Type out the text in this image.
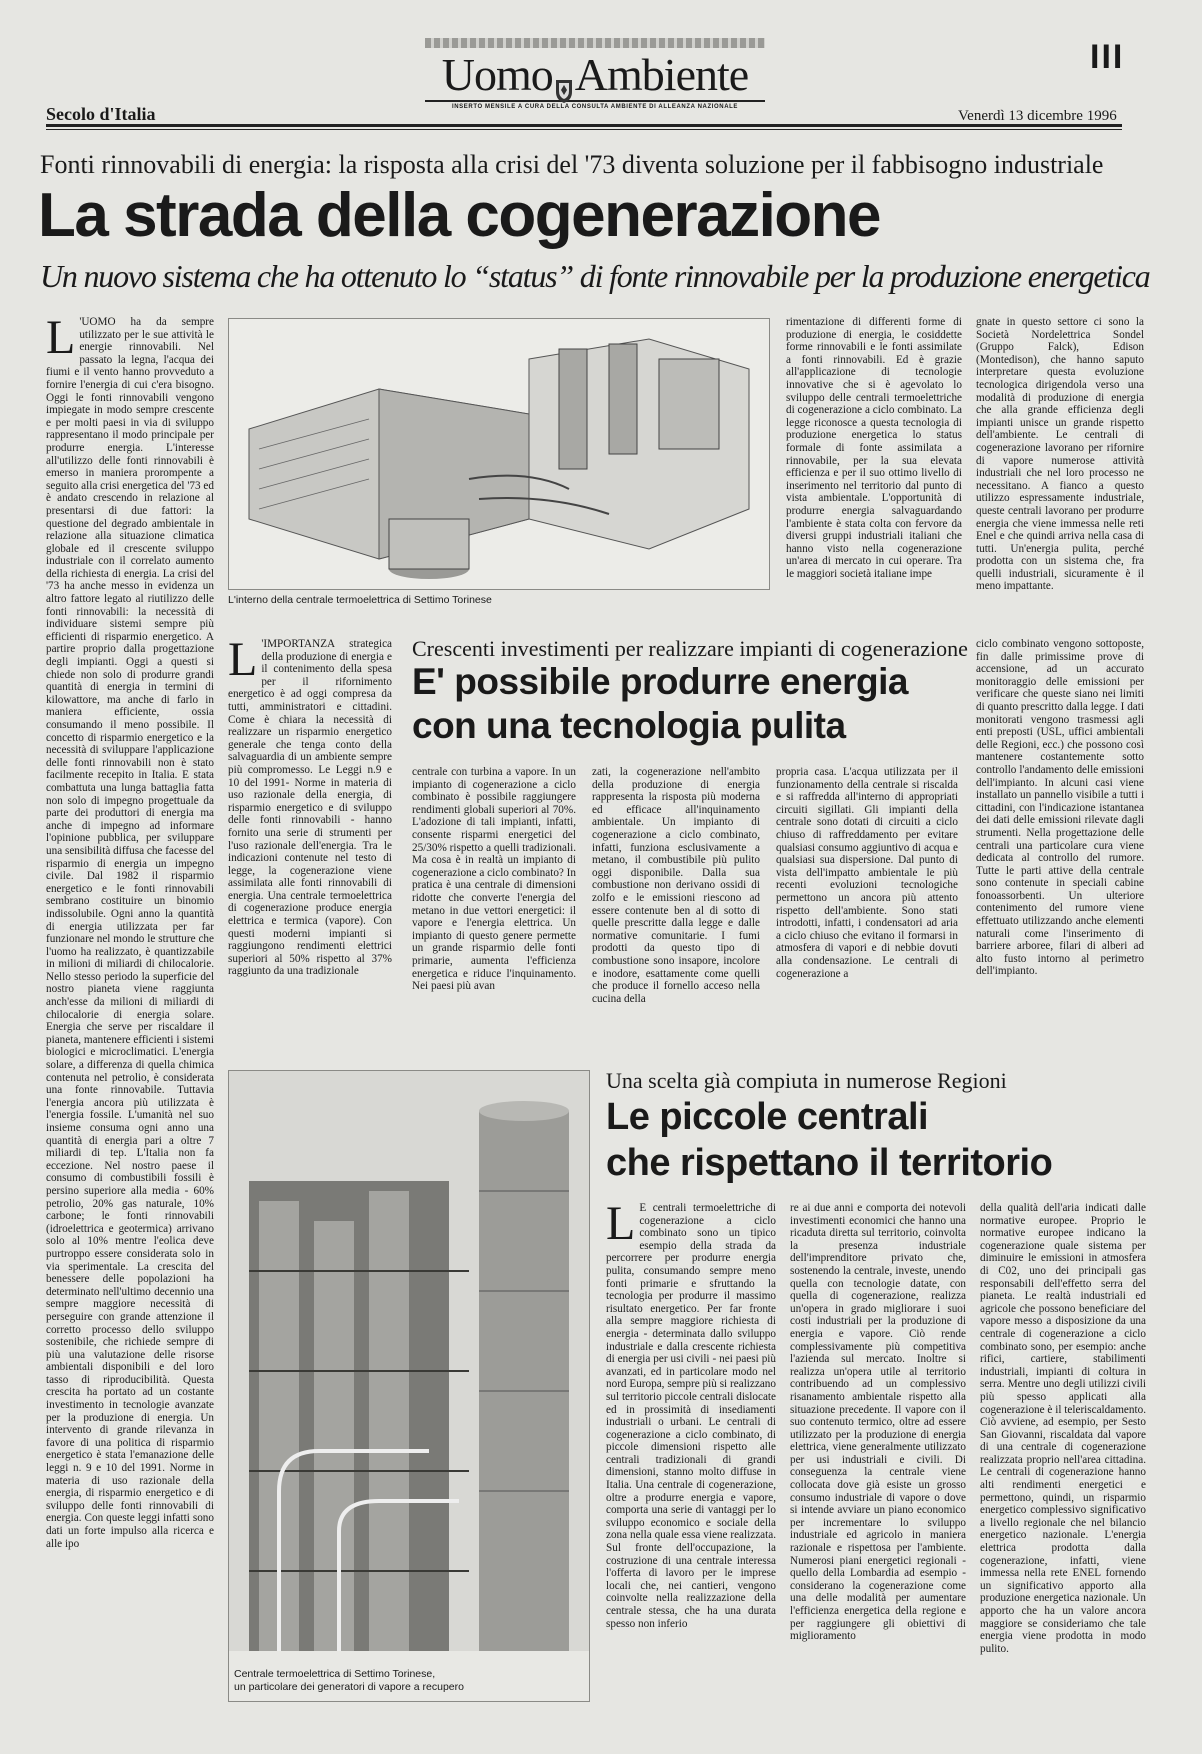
Uomo Ambiente
INSERTO MENSILE A CURA DELLA CONSULTA AMBIENTE DI ALLEANZA NAZIONALE
III
Secolo d'Italia	Venerdì 13 dicembre 1996
Fonti rinnovabili di energia: la risposta alla crisi del '73 diventa soluzione per il fabbisogno industriale
La strada della cogenerazione
Un nuovo sistema che ha ottenuto lo “status” di fonte rinnovabile per la produzione energetica
L 'UOMO ha da sempre utilizzato per le sue attività le energie rinnovabili. Nel passato la legna, l'acqua dei fiumi e il vento hanno provveduto a fornire l'energia di cui c'era bisogno. Oggi le fonti rinnovabili vengono impiegate in modo sempre crescente e per molti paesi in via di sviluppo rappresentano il modo principale per produrre energia. L'interesse all'utilizzo delle fonti rinnovabili è emerso in maniera prorompente a seguito alla crisi energetica del '73 ed è andato crescendo in relazione al presentarsi di due fattori: la questione del degrado ambientale in relazione alla situazione climatica globale ed il crescente sviluppo industriale con il correlato aumento della richiesta di energia. La crisi del '73 ha anche messo in evidenza un altro fattore legato al riutilizzo delle fonti rinnovabili: la necessità di individuare sistemi sempre più efficienti di risparmio energetico. A partire proprio dalla progettazione degli impianti. Oggi a questi si chiede non solo di produrre grandi quantità di energia in termini di kilowattore, ma anche di farlo in maniera efficiente, ossia consumando il meno possibile. Il concetto di risparmio energetico e la necessità di sviluppare l'applicazione delle fonti rinnovabili non è stato facilmente recepito in Italia. E stata combattuta una lunga battaglia fatta non solo di impegno progettuale da parte dei produttori di energia ma anche di impegno ad informare l'opinione pubblica, per sviluppare una sensibilità diffusa che facesse del risparmio di energia un impegno civile. Dal 1982 il risparmio energetico e le fonti rinnovabili sembrano costituire un binomio indissolubile. Ogni anno la quantità di energia utilizzata per far funzionare nel mondo le strutture che l'uomo ha realizzato, è quantizzabile in milioni di miliardi di chilocalorie. Nello stesso periodo la superficie del nostro pianeta viene raggiunta anch'esse da milioni di miliardi di chilocalorie di energia solare. Energia che serve per riscaldare il pianeta, mantenere efficienti i sistemi biologici e microclimatici. L'energia solare, a differenza di quella chimica contenuta nel petrolio, è considerata una fonte rinnovabile. Tuttavia l'energia ancora più utilizzata è l'energia fossile. L'umanità nel suo insieme consuma ogni anno una quantità di energia pari a oltre 7 miliardi di tep. L'Italia non fa eccezione. Nel nostro paese il consumo di combustibili fossili è persino superiore alla media - 60% petrolio, 20% gas naturale, 10% carbone; le fonti rinnovabili (idroelettrica e geotermica) arrivano solo al 10% mentre l'eolica deve purtroppo essere considerata solo in via sperimentale. La crescita del benessere delle popolazioni ha determinato nell'ultimo decennio una sempre maggiore necessità di perseguire con grande attenzione il corretto processo dello sviluppo sostenibile, che richiede sempre di più una valutazione delle risorse ambientali disponibili e del loro tasso di riproducibilità. Questa crescita ha portato ad un costante investimento in tecnologie avanzate per la produzione di energia. Un intervento di grande rilevanza in favore di una politica di risparmio energetico è stata l'emanazione delle leggi n. 9 e 10 del 1991. Norme in materia di uso razionale della energia, di risparmio energetico e di sviluppo delle fonti rinnovabili di energia. Con queste leggi infatti sono dati un forte impulso alla ricerca e alle ipo
L'interno della centrale termoelettrica di Settimo Torinese
rimentazione di differenti forme di produzione di energia, le cosiddette forme rinnovabili e le fonti assimilate a fonti rinnovabili. Ed è grazie all'applicazione di tecnologie innovative che si è agevolato lo sviluppo delle centrali termoelettriche di cogenerazione a ciclo combinato. La legge riconosce a questa tecnologia di produzione energetica lo status formale di fonte assimilata a rinnovabile, per la sua elevata efficienza e per il suo ottimo livello di inserimento nel territorio dal punto di vista ambientale. L'opportunità di produrre energia salvaguardando l'ambiente è stata colta con fervore da diversi gruppi industriali italiani che hanno visto nella cogenerazione un'area di mercato in cui operare. Tra le maggiori società italiane impe
gnate in questo settore ci sono la Società Nordelettrica Sondel (Gruppo Falck), Edison (Montedison), che hanno saputo interpretare questa evoluzione tecnologica dirigendola verso una modalità di produzione di energia che alla grande efficienza degli impianti unisce un grande rispetto dell'ambiente. Le centrali di cogenerazione lavorano per rifornire di vapore numerose attività industriali che nel loro processo ne necessitano. A fianco a questo utilizzo espressamente industriale, queste centrali lavorano per produrre energia che viene immessa nelle reti Enel e che quindi arriva nella casa di tutti. Un'energia pulita, perché prodotta con un sistema che, fra quelli industriali, sicuramente è il meno impattante.
L 'IMPORTANZA strategica della produzione di energia e il contenimento della spesa per il rifornimento energetico è ad oggi compresa da tutti, amministratori e cittadini. Come è chiara la necessità di realizzare un risparmio energetico generale che tenga conto della salvaguardia di un ambiente sempre più compromesso. Le Leggi n.9 e 10 del 1991- Norme in materia di uso razionale della energia, di risparmio energetico e di sviluppo delle fonti rinnovabili - hanno fornito una serie di strumenti per l'uso razionale dell'energia. Tra le indicazioni contenute nel testo di legge, la cogenerazione viene assimilata alle fonti rinnovabili di energia. Una centrale termoelettrica di cogenerazione produce energia elettrica e termica (vapore). Con questi moderni impianti si raggiungono rendimenti elettrici superiori al 50% rispetto al 37% raggiunto da una tradizionale
Crescenti investimenti per realizzare impianti di cogenerazione
E' possibile produrre energia
con una tecnologia pulita
centrale con turbina a vapore. In un impianto di cogenerazione a ciclo combinato è possibile raggiungere rendimenti globali superiori al 70%. L'adozione di tali impianti, infatti, consente risparmi energetici del 25/30% rispetto a quelli tradizionali. Ma cosa è in realtà un impianto di cogenerazione a ciclo combinato? In pratica è una centrale di dimensioni ridotte che converte l'energia del metano in due vettori energetici: il vapore e l'energia elettrica. Un impianto di questo genere permette un grande risparmio delle fonti primarie, aumenta l'efficienza energetica e riduce l'inquinamento. Nei paesi più avan
zati, la cogenerazione nell'ambito della produzione di energia rappresenta la risposta più moderna ed efficace all'inquinamento ambientale. Un impianto di cogenerazione a ciclo combinato, infatti, funziona esclusivamente a metano, il combustibile più pulito oggi disponibile. Dalla sua combustione non derivano ossidi di zolfo e le emissioni riescono ad essere contenute ben al di sotto di quelle prescritte dalla legge e dalle normative comunitarie. I fumi prodotti da questo tipo di combustione sono insapore, incolore e inodore, esattamente come quelli che produce il fornello acceso nella cucina della
propria casa. L'acqua utilizzata per il funzionamento della centrale si riscalda e si raffredda all'interno di appropriati circuiti sigillati. Gli impianti della centrale sono dotati di circuiti a ciclo chiuso di raffreddamento per evitare qualsiasi consumo aggiuntivo di acqua e qualsiasi sua dispersione. Dal punto di vista dell'impatto ambientale le più recenti evoluzioni tecnologiche permettono un ancora più attento rispetto dell'ambiente. Sono stati introdotti, infatti, i condensatori ad aria a ciclo chiuso che evitano il formarsi in atmosfera di vapori e di nebbie dovuti alla condensazione. Le centrali di cogenerazione a
ciclo combinato vengono sottoposte, fin dalle primissime prove di accensione, ad un accurato monitoraggio delle emissioni per verificare che queste siano nei limiti di quanto prescritto dalla legge. I dati monitorati vengono trasmessi agli enti preposti (USL, uffici ambientali delle Regioni, ecc.) che possono così mantenere costantemente sotto controllo l'andamento delle emissioni dell'impianto. In alcuni casi viene installato un pannello visibile a tutti i cittadini, con l'indicazione istantanea dei dati delle emissioni rilevate dagli strumenti. Nella progettazione delle centrali una particolare cura viene dedicata al controllo del rumore. Tutte le parti attive della centrale sono contenute in speciali cabine fonoassorbenti. Un ulteriore contenimento del rumore viene effettuato utilizzando anche elementi naturali come l'inserimento di barriere arboree, filari di alberi ad alto fusto intorno al perimetro dell'impianto.
Centrale termoelettrica di Settimo Torinese,
un particolare dei generatori di vapore a recupero
Una scelta già compiuta in numerose Regioni
Le piccole centrali
che rispettano il territorio
L E centrali termoelettriche di cogenerazione a ciclo combinato sono un tipico esempio della strada da percorrere per produrre energia pulita, consumando sempre meno fonti primarie e sfruttando la tecnologia per produrre il massimo risultato energetico. Per far fronte alla sempre maggiore richiesta di energia - determinata dallo sviluppo industriale e dalla crescente richiesta di energia per usi civili - nei paesi più avanzati, ed in particolare modo nel nord Europa, sempre più si realizzano sul territorio piccole centrali dislocate ed in prossimità di insediamenti industriali o urbani. Le centrali di cogenerazione a ciclo combinato, di piccole dimensioni rispetto alle centrali tradizionali di grandi dimensioni, stanno molto diffuse in Italia. Una centrale di cogenerazione, oltre a produrre energia e vapore, comporta una serie di vantaggi per lo sviluppo economico e sociale della zona nella quale essa viene realizzata. Sul fronte dell'occupazione, la costruzione di una centrale interessa l'offerta di lavoro per le imprese locali che, nei cantieri, vengono coinvolte nella realizzazione della centrale stessa, che ha una durata spesso non inferio
re ai due anni e comporta dei notevoli investimenti economici che hanno una ricaduta diretta sul territorio, coinvolta la presenza industriale dell'imprenditore privato che, sostenendo la centrale, investe, unendo quella con tecnologie datate, con quella di cogenerazione, realizza un'opera in grado migliorare i suoi costi industriali per la produzione di energia e vapore. Ciò rende complessivamente più competitiva l'azienda sul mercato. Inoltre si realizza un'opera utile al territorio contribuendo ad un complessivo risanamento ambientale rispetto alla situazione precedente. Il vapore con il suo contenuto termico, oltre ad essere utilizzato per la produzione di energia elettrica, viene generalmente utilizzato per usi industriali e civili. Di conseguenza la centrale viene collocata dove già esiste un grosso consumo industriale di vapore o dove si intende avviare un piano economico per incrementare lo sviluppo industriale ed agricolo in maniera razionale e rispettosa per l'ambiente. Numerosi piani energetici regionali - quello della Lombardia ad esempio - considerano la cogenerazione come una delle modalità per aumentare l'efficienza energetica della regione e per raggiungere gli obiettivi di miglioramento
della qualità dell'aria indicati dalle normative europee. Proprio le normative europee indicano la cogenerazione quale sistema per diminuire le emissioni in atmosfera di C02, uno dei principali gas responsabili dell'effetto serra del pianeta. Le realtà industriali ed agricole che possono beneficiare del vapore messo a disposizione da una centrale di cogenerazione a ciclo combinato sono, per esempio: anche rifici, cartiere, stabilimenti industriali, impianti di coltura in serra. Mentre uno degli utilizzi civili più spesso applicati alla cogenerazione è il teleriscaldamento. Ciò avviene, ad esempio, per Sesto San Giovanni, riscaldata dal vapore di una centrale di cogenerazione realizzata proprio nell'area cittadina. Le centrali di cogenerazione hanno alti rendimenti energetici e permettono, quindi, un risparmio energetico complessivo significativo a livello regionale che nel bilancio energetico nazionale. L'energia elettrica prodotta dalla cogenerazione, infatti, viene immessa nella rete ENEL fornendo un significativo apporto alla produzione energetica nazionale. Un apporto che ha un valore ancora maggiore se consideriamo che tale energia viene prodotta in modo pulito.
